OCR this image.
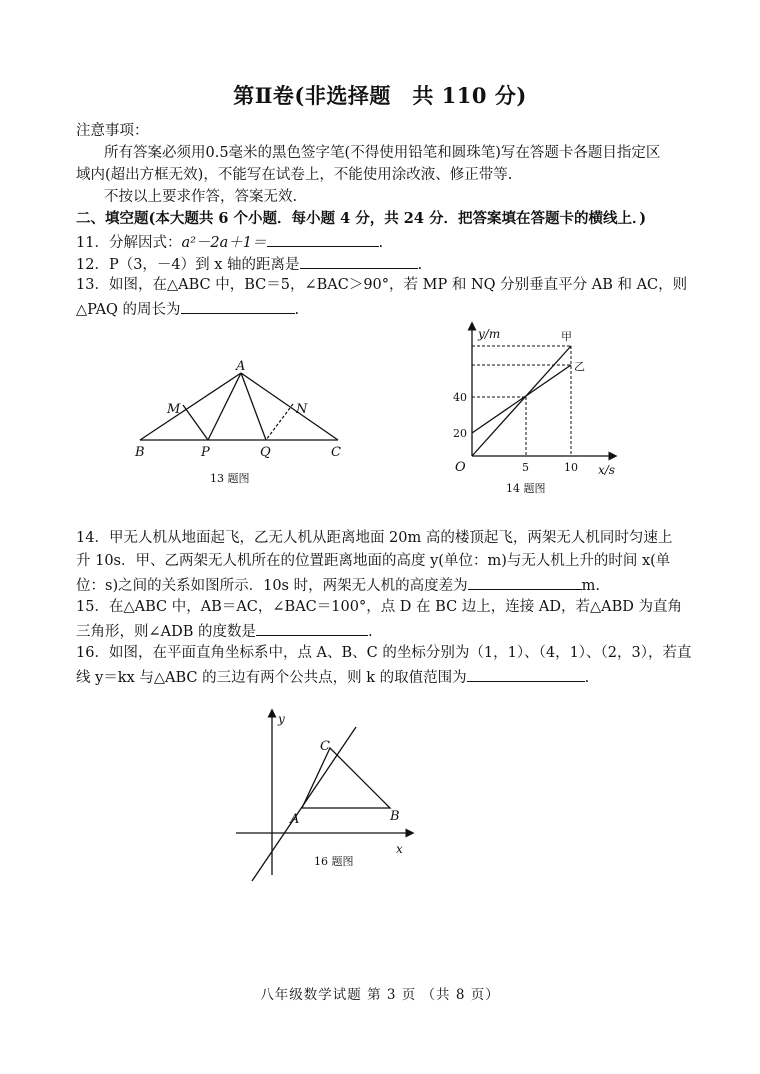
第Ⅱ卷(非选择题　共 110 分)
注意事项：
所有答案必须用0.5毫米的黑色签字笔(不得使用铅笔和圆珠笔)写在答题卡各题目指定区
域内(超出方框无效)，不能写在试卷上，不能使用涂改液、修正带等.
不按以上要求作答，答案无效.
二、填空题(本大题共 6 个小题．每小题 4 分，共 24 分．把答案填在答题卡的横线上．)
11．分解因式：a²－2a＋1＝	.
12．P（3，－4）到 x 轴的距离是	.
13．如图，在△ABC 中，BC＝5，∠BAC＞90°，若 MP 和 NQ 分别垂直平分 AB 和 AC，则
△PAQ 的周长为	.
A
M	N
B	P	Q	C
13 题图
y/m	甲
乙
40
20
O	5	10 x/s
14 题图
14．甲无人机从地面起飞，乙无人机从距离地面 20m 高的楼顶起飞，两架无人机同时匀速上
升 10s．甲、乙两架无人机所在的位置距离地面的高度 y(单位：m)与无人机上升的时间 x(单
位：s)之间的关系如图所示．10s 时，两架无人机的高度差为	m.
15．在△ABC 中，AB＝AC，∠BAC＝100°，点 D 在 BC 边上，连接 AD，若△ABD 为直角
三角形，则∠ADB 的度数是	.
16．如图，在平面直角坐标系中，点 A、B、C 的坐标分别为（1，1）、（4，1）、（2，3），若直
线 y＝kx 与△ABC 的三边有两个公共点，则 k 的取值范围为	.
y
C
A	B
x
16 题图
八年级数学试题 第 3 页 （共 8 页）
